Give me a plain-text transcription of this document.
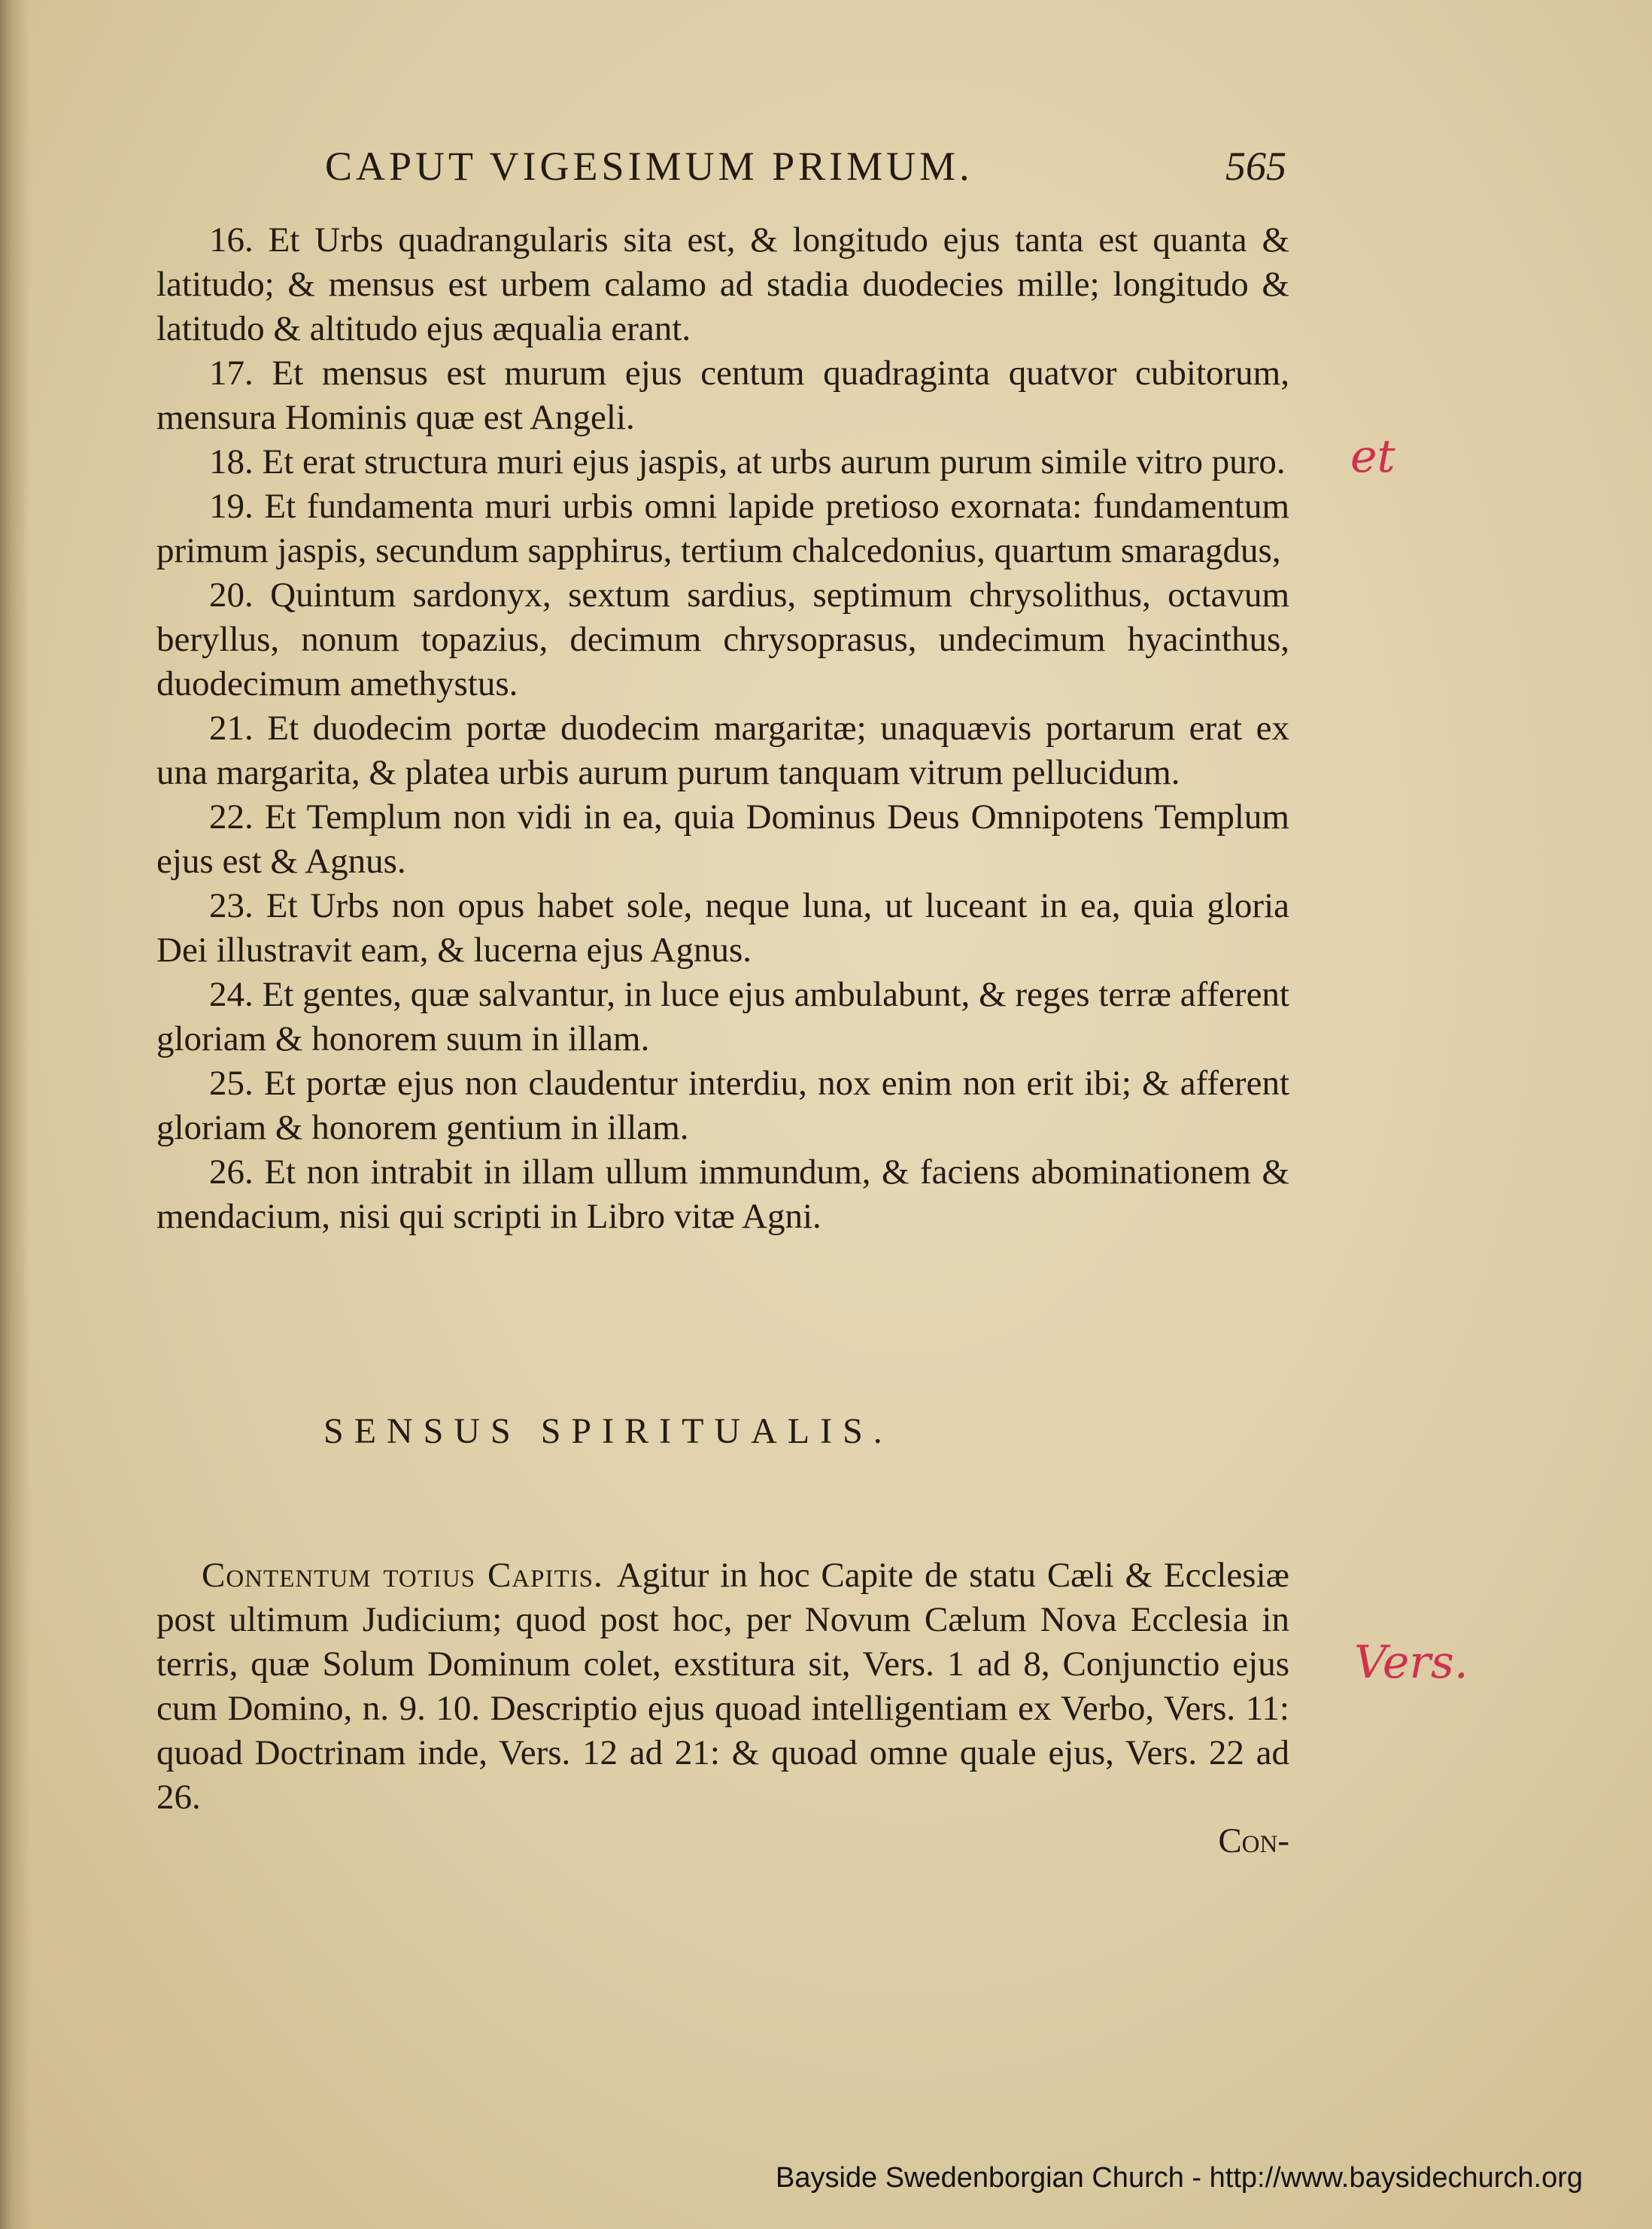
CAPUT VIGESIMUM PRIMUM.	565

16. Et Urbs quadrangularis sita est, & longitudo ejus tanta est quanta & latitudo; & mensus est urbem calamo ad stadia duodecies mille; longitudo & latitudo & altitudo ejus æqualia erant.

17. Et mensus est murum ejus centum quadraginta quatvor cubitorum, mensura Hominis quæ est Angeli.

18. Et erat structura muri ejus jaspis, at urbs aurum purum simile vitro puro.

19. Et fundamenta muri urbis omni lapide pretioso exornata: fundamentum primum jaspis, secundum sapphirus, tertium chalcedonius, quartum smaragdus,

20. Quintum sardonyx, sextum sardius, septimum chrysolithus, octavum beryllus, nonum topazius, decimum chrysoprasus, undecimum hyacinthus, duodecimum amethystus.

21. Et duodecim portæ duodecim margaritæ; unaquævis portarum erat ex una margarita, & platea urbis aurum purum tanquam vitrum pellucidum.

22. Et Templum non vidi in ea, quia Dominus Deus Omnipotens Templum ejus est & Agnus.

23. Et Urbs non opus habet sole, neque luna, ut luceant in ea, quia gloria Dei illustravit eam, & lucerna ejus Agnus.

24. Et gentes, quæ salvantur, in luce ejus ambulabunt, & reges terræ afferent gloriam & honorem suum in illam.

25. Et portæ ejus non claudentur interdiu, nox enim non erit ibi; & afferent gloriam & honorem gentium in illam.

26. Et non intrabit in illam ullum immundum, & faciens abominationem & mendacium, nisi qui scripti in Libro vitæ Agni.

SENSUS SPIRITUALIS.

Contentum totius Capitis. Agitur in hoc Capite de statu Cæli & Ecclesiæ post ultimum Judicium; quod post hoc, per Novum Cælum Nova Ecclesia in terris, quæ Solum Dominum colet, exstitura sit, Vers. 1 ad 8, Conjunctio ejus cum Domino, n. 9. 10. Descriptio ejus quoad intelligentiam ex Verbo, Vers. 11: quoad Doctrinam inde, Vers. 12 ad 21: & quoad omne quale ejus, Vers. 22 ad 26.

Con-
et
Vers.
Bayside Swedenborgian Church - http://www.baysidechurch.org
